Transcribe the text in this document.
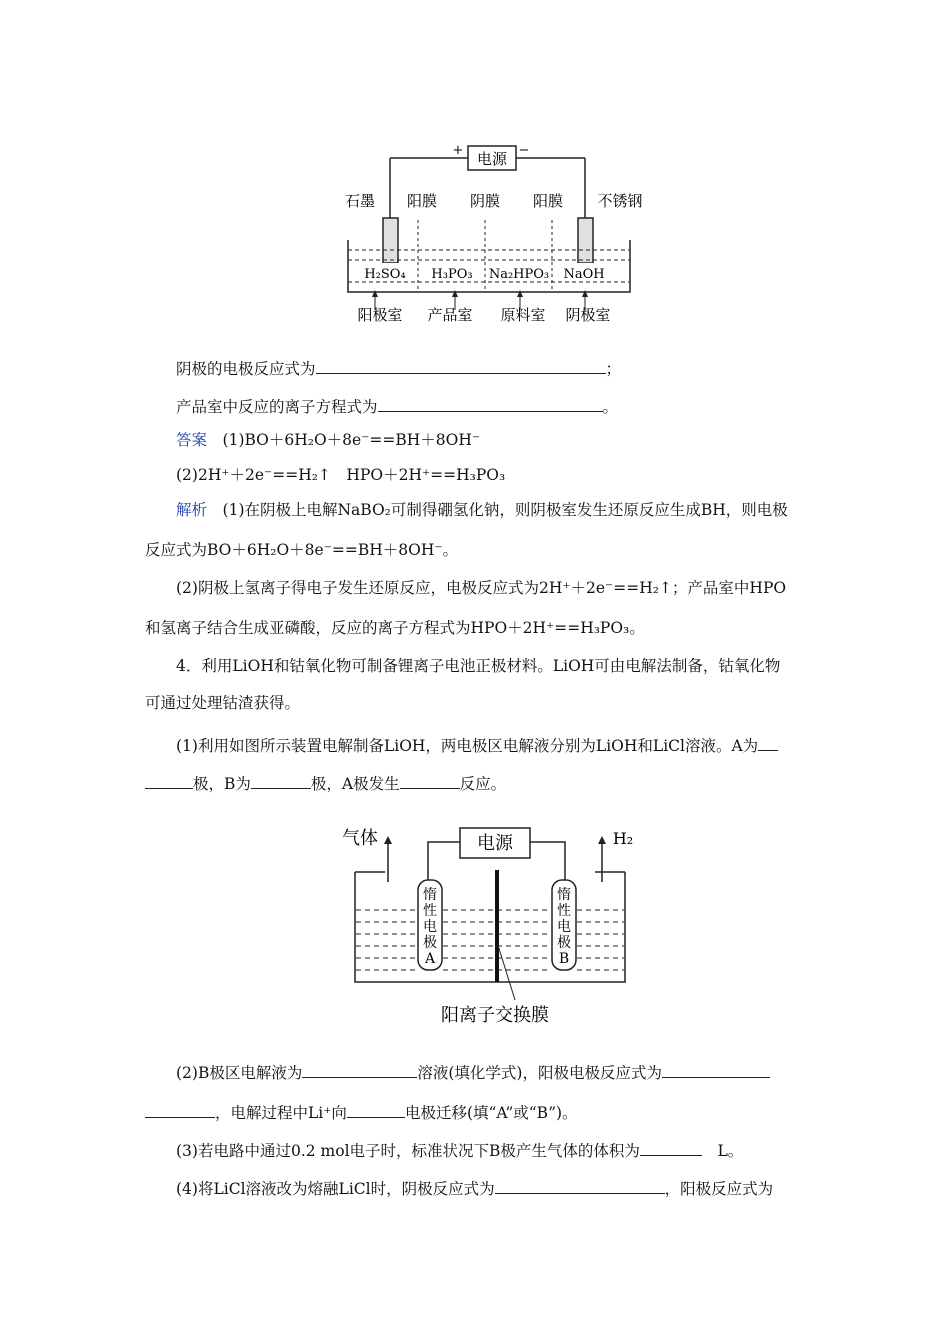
电源
+	−
石墨	不锈钢
阳膜 阴膜 阳膜
H₂SO₄ H₃PO₃ Na₂HPO₃ NaOH
阳极室 产品室 原料室 阴极室
阴极的电极反应式为	；
产品室中反应的离子方程式为	。
答案　 (1)BO＋6H₂O＋8e⁻==BH＋8OH⁻
(2)2H⁺＋2e⁻==H₂↑　HPO＋2H⁺==H₃PO₃
解析　 (1)在阴极上电解NaBO₂可制得硼氢化钠，则阴极室发生还原反应生成BH，则电极
反应式为BO＋6H₂O＋8e⁻==BH＋8OH⁻。
(2)阴极上氢离子得电子发生还原反应，电极反应式为2H⁺＋2e⁻==H₂↑；产品室中HPO
和氢离子结合生成亚磷酸，反应的离子方程式为HPO＋2H⁺==H₃PO₃。
4．利用LiOH和钴氧化物可制备锂离子电池正极材料。LiOH可由电解法制备，钴氧化物
可通过处理钴渣获得。
(1)利用如图所示装置电解制备LiOH，两电极区电解液分别为LiOH和LiCl溶液。A为
极，B为	极，A极发生	反应。
电源
气体	H₂
惰
性
电
极
A
惰
性
电
极
B
阳离子交换膜
(2)B极区电解液为	溶液(填化学式)，阳极电极反应式为
，电解过程中Li⁺向	电极迁移(填“A”或“B”)。
(3)若电路中通过0.2 mol电子时，标准状况下B极产生气体的体积为　	L。
(4)将LiCl溶液改为熔融LiCl时，阴极反应式为	，阳极反应式为
